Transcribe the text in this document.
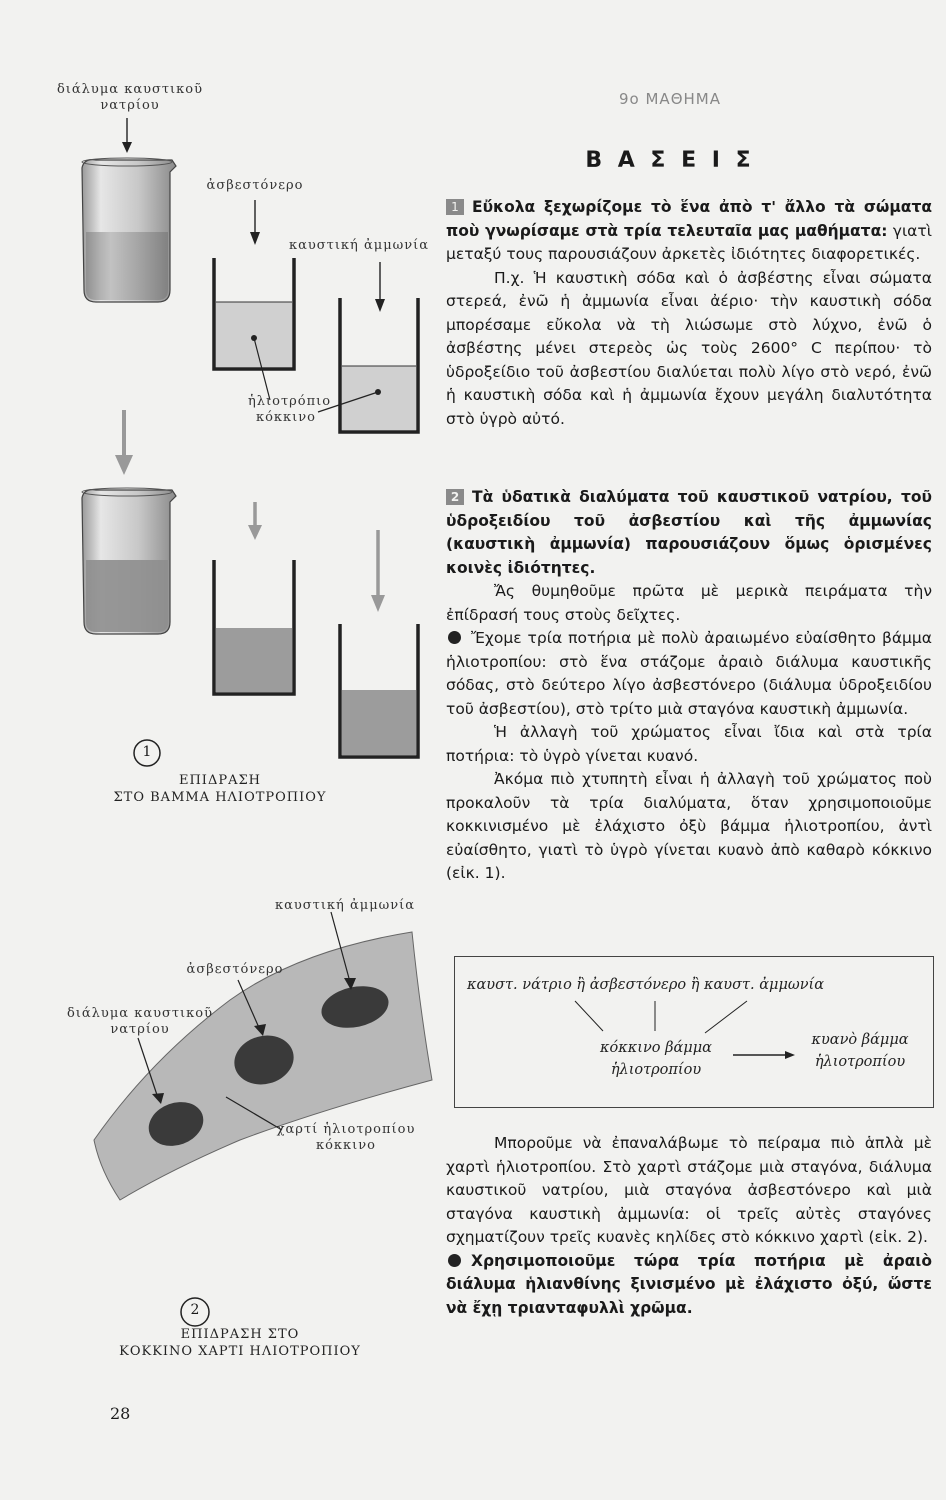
διάλυμα καυστικοῦ νατρίου
ἀσβεστόνερο
καυστική ἀμμωνία
ἡλιοτρόπιο κόκκινο
1
ΕΠΙΔΡΑΣΗ
ΣΤΟ ΒΑΜΜΑ ΗΛΙΟΤΡΟΠΙΟΥ
καυστική ἀμμωνία
ἀσβεστόνερο
διάλυμα καυστικοῦ νατρίου
χαρτί ἡλιοτροπίου κόκκινο
2
ΕΠΙΔΡΑΣΗ ΣΤΟ
ΚΟΚΚΙΝΟ ΧΑΡΤΙ ΗΛΙΟΤΡΟΠΙΟΥ
28
9ο ΜΑΘΗΜΑ
Β Α Σ Ε Ι Σ

1 Εὔκολα ξεχωρίζομε τὸ ἕνα ἀπὸ τ' ἄλλο τὰ σώματα ποὺ γνωρίσαμε στὰ τρία τελευταῖα μας μαθήματα: γιατὶ μεταξύ τους παρουσιάζουν ἀρκετὲς ἰδιότητες διαφορετικές.

Π.χ. Ἡ καυστικὴ σόδα καὶ ὁ ἀσβέστης εἶναι σώματα στερεά, ἐνῶ ἡ ἀμμωνία εἶναι ἀέριο· τὴν καυστικὴ σόδα μπορέσαμε εὔκολα νὰ τὴ λιώσωμε στὸ λύχνο, ἐνῶ ὁ ἀσβέστης μένει στερεὸς ὡς τοὺς 2600° C περίπου· τὸ ὑδροξείδιο τοῦ ἀσβεστίου διαλύεται πολὺ λίγο στὸ νερό, ἐνῶ ἡ καυστικὴ σόδα καὶ ἡ ἀμμωνία ἔχουν μεγάλη διαλυτότητα στὸ ὑγρὸ αὐτό.

2 Τὰ ὑδατικὰ διαλύματα τοῦ καυστικοῦ νατρίου, τοῦ ὑδροξειδίου τοῦ ἀσβεστίου καὶ τῆς ἀμμωνίας (καυστικὴ ἀμμωνία) παρουσιάζουν ὅμως ὁρισμένες κοινὲς ἰδιότητες.

Ἄς θυμηθοῦμε πρῶτα μὲ μερικὰ πειράματα τὴν ἐπίδρασή τους στοὺς δεῖχτες.

Ἔχομε τρία ποτήρια μὲ πολὺ ἀραιωμένο εὐαίσθητο βάμμα ἡλιοτροπίου: στὸ ἕνα στάζομε ἀραιὸ διάλυμα καυστικῆς σόδας, στὸ δεύτερο λίγο ἀσβεστόνερο (διάλυμα ὑδροξειδίου τοῦ ἀσβεστίου), στὸ τρίτο μιὰ σταγόνα καυστικὴ ἀμμωνία.

Ἡ ἀλλαγὴ τοῦ χρώματος εἶναι ἴδια καὶ στὰ τρία ποτήρια: τὸ ὑγρὸ γίνεται κυανό.

Ἀκόμα πιὸ χτυπητὴ εἶναι ἡ ἀλλαγὴ τοῦ χρώματος ποὺ προκαλοῦν τὰ τρία διαλύματα, ὅταν χρησιμοποιοῦμε κοκκινισμένο μὲ ἐλάχιστο ὀξὺ βάμμα ἡλιοτροπίου, ἀντὶ εὐαίσθητο, γιατὶ τὸ ὑγρὸ γίνεται κυανὸ ἀπὸ καθαρὸ κόκκινο (εἰκ. 1).

καυστ. νάτριο ἢ ἀσβεστόνερο ἢ καυστ. ἀμμωνία
κόκκινο βάμμα
ἡλιοτροπίου
κυανὸ βάμμα
ἡλιοτροπίου

Μποροῦμε νὰ ἐπαναλάβωμε τὸ πείραμα πιὸ ἁπλὰ μὲ χαρτὶ ἡλιοτροπίου. Στὸ χαρτὶ στάζομε μιὰ σταγόνα, διάλυμα καυστικοῦ νατρίου, μιὰ σταγόνα ἀσβεστόνερο καὶ μιὰ σταγόνα καυστικὴ ἀμμωνία: οἱ τρεῖς αὐτὲς σταγόνες σχηματίζουν τρεῖς κυανὲς κηλίδες στὸ κόκκινο χαρτὶ (εἰκ. 2).

Χρησιμοποιοῦμε τώρα τρία ποτήρια μὲ ἀραιὸ διάλυμα ἡλιανθίνης ξινισμένο μὲ ἐλάχιστο ὀξύ, ὥστε νὰ ἔχῃ τριανταφυλλὶ χρῶμα.
